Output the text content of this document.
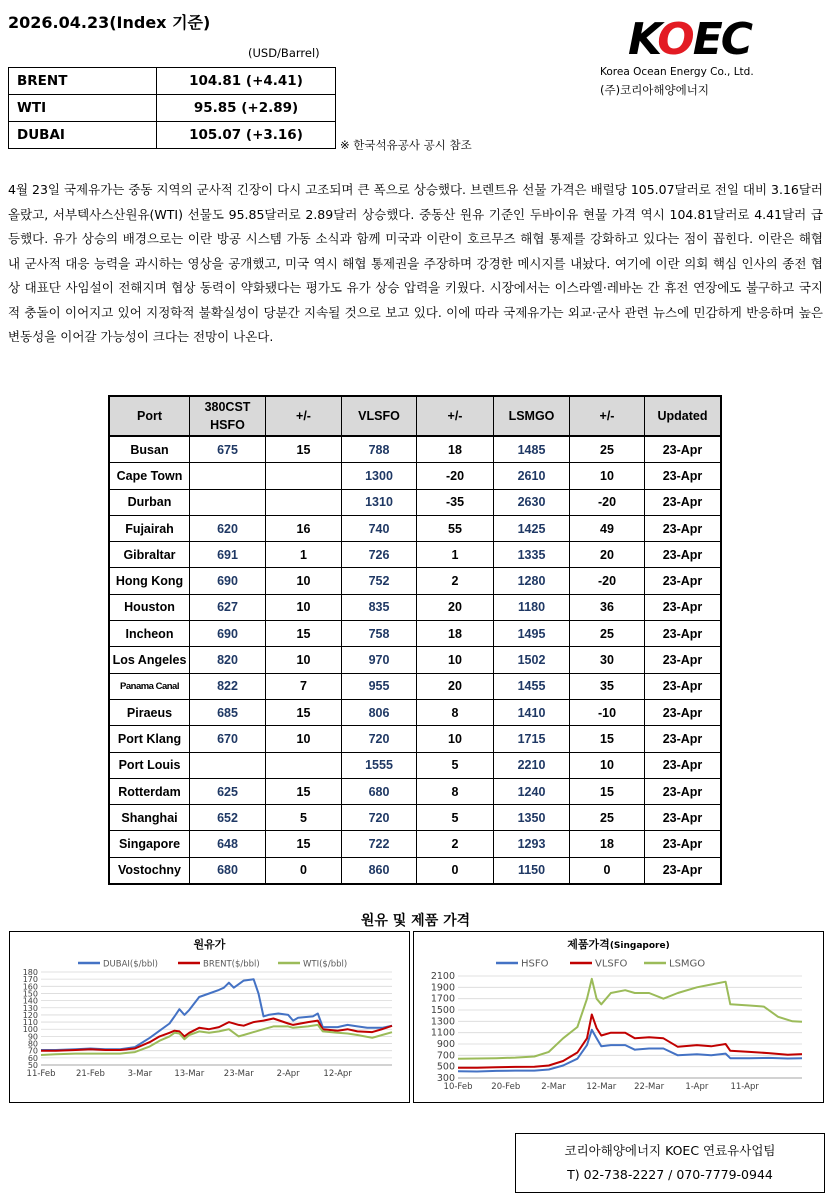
2026.04.23(Index 기준)
(USD/Barrel)
BRENT	104.81 (+4.41)
WTI	95.85 (+2.89)
DUBAI	105.07 (+3.16)
※ 한국석유공사 공시 참조
KOEC
Korea Ocean Energy Co., Ltd.
(주)코리아해양에너지
4월 23일 국제유가는 중동 지역의 군사적 긴장이 다시 고조되며 큰 폭으로 상승했다. 브렌트유 선물 가격은 배럴당 105.07달러로 전일 대비 3.16달러 올랐고, 서부텍사스산원유(WTI) 선물도 95.85달러로 2.89달러 상승했다. 중동산 원유 기준인 두바이유 현물 가격 역시 104.81달러로 4.41달러 급등했다. 유가 상승의 배경으로는 이란 방공 시스템 가동 소식과 함께 미국과 이란이 호르무즈 해협 통제를 강화하고 있다는 점이 꼽힌다. 이란은 해협 내 군사적 대응 능력을 과시하는 영상을 공개했고, 미국 역시 해협 통제권을 주장하며 강경한 메시지를 내놨다. 여기에 이란 의회 핵심 인사의 종전 협상 대표단 사임설이 전해지며 협상 동력이 약화됐다는 평가도 유가 상승 압력을 키웠다. 시장에서는 이스라엘·레바논 간 휴전 연장에도 불구하고 국지적 충돌이 이어지고 있어 지정학적 불확실성이 당분간 지속될 것으로 보고 있다. 이에 따라 국제유가는 외교·군사 관련 뉴스에 민감하게 반응하며 높은 변동성을 이어갈 가능성이 크다는 전망이 나온다.
Port	380CST HSFO	+/-	VLSFO	+/-	LSMGO	+/-	Updated
Busan	675	15	788	18	1485	25	23-Apr
Cape Town			1300	-20	2610	10	23-Apr
Durban			1310	-35	2630	-20	23-Apr
Fujairah	620	16	740	55	1425	49	23-Apr
Gibraltar	691	1	726	1	1335	20	23-Apr
Hong Kong	690	10	752	2	1280	-20	23-Apr
Houston	627	10	835	20	1180	36	23-Apr
Incheon	690	15	758	18	1495	25	23-Apr
Los Angeles	820	10	970	10	1502	30	23-Apr
Panama Canal	822	7	955	20	1455	35	23-Apr
Piraeus	685	15	806	8	1410	-10	23-Apr
Port Klang	670	10	720	10	1715	15	23-Apr
Port Louis			1555	5	2210	10	23-Apr
Rotterdam	625	15	680	8	1240	15	23-Apr
Shanghai	652	5	720	5	1350	25	23-Apr
Singapore	648	15	722	2	1293	18	23-Apr
Vostochny	680	0	860	0	1150	0	23-Apr
원유 및 제품 가격
원유가
DUBAI($/bbl)	BRENT($/bbl)	WTI($/bbl)
50
60
70
80
90
100
110
120
130
140
150
160
170
180
11-Feb 21-Feb	3-Mar	13-Mar 23-Mar	2-Apr	12-Apr
제품가격(Singapore)
HSFO	VLSFO	LSMGO
300
500
700
900
1100
1300
1500
1700
1900
2100
10-Feb 20-Feb 2-Mar 12-Mar 22-Mar	1-Apr	11-Apr
코리아해양에너지 KOEC 연료유사업팀
T) 02-738-2227 / 070-7779-0944
